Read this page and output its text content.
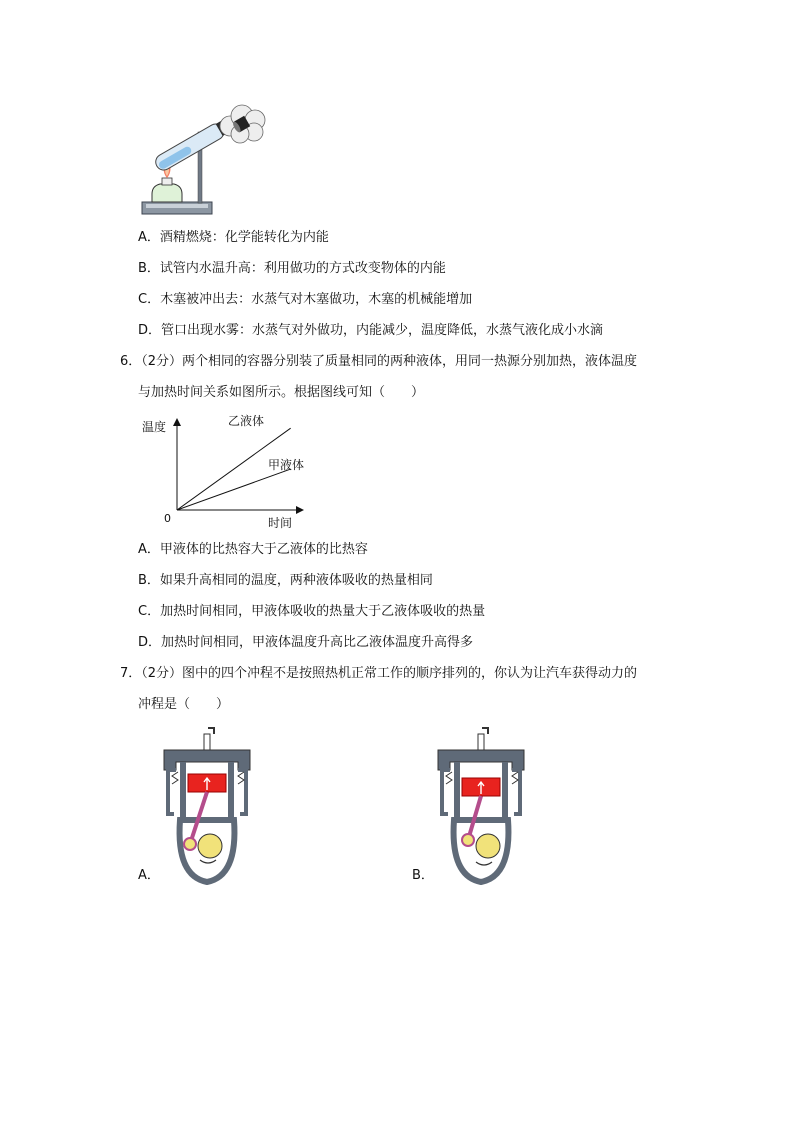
A．酒精燃烧：化学能转化为内能
B．试管内水温升高：利用做功的方式改变物体的内能
C．木塞被冲出去：水蒸气对木塞做功，木塞的机械能增加
D．管口出现水雾：水蒸气对外做功，内能减少，温度降低，水蒸气液化成小水滴
6．（2分）两个相同的容器分别装了质量相同的两种液体，用同一热源分别加热，液体温度
与加热时间关系如图所示。根据图线可知（　　）
温度
时间
0
乙液体
甲液体
A．甲液体的比热容大于乙液体的比热容
B．如果升高相同的温度，两种液体吸收的热量相同
C．加热时间相同，甲液体吸收的热量大于乙液体吸收的热量
D．加热时间相同，甲液体温度升高比乙液体温度升高得多
7．（2分）图中的四个冲程不是按照热机正常工作的顺序排列的，你认为让汽车获得动力的
冲程是（　　）
A．	B．
